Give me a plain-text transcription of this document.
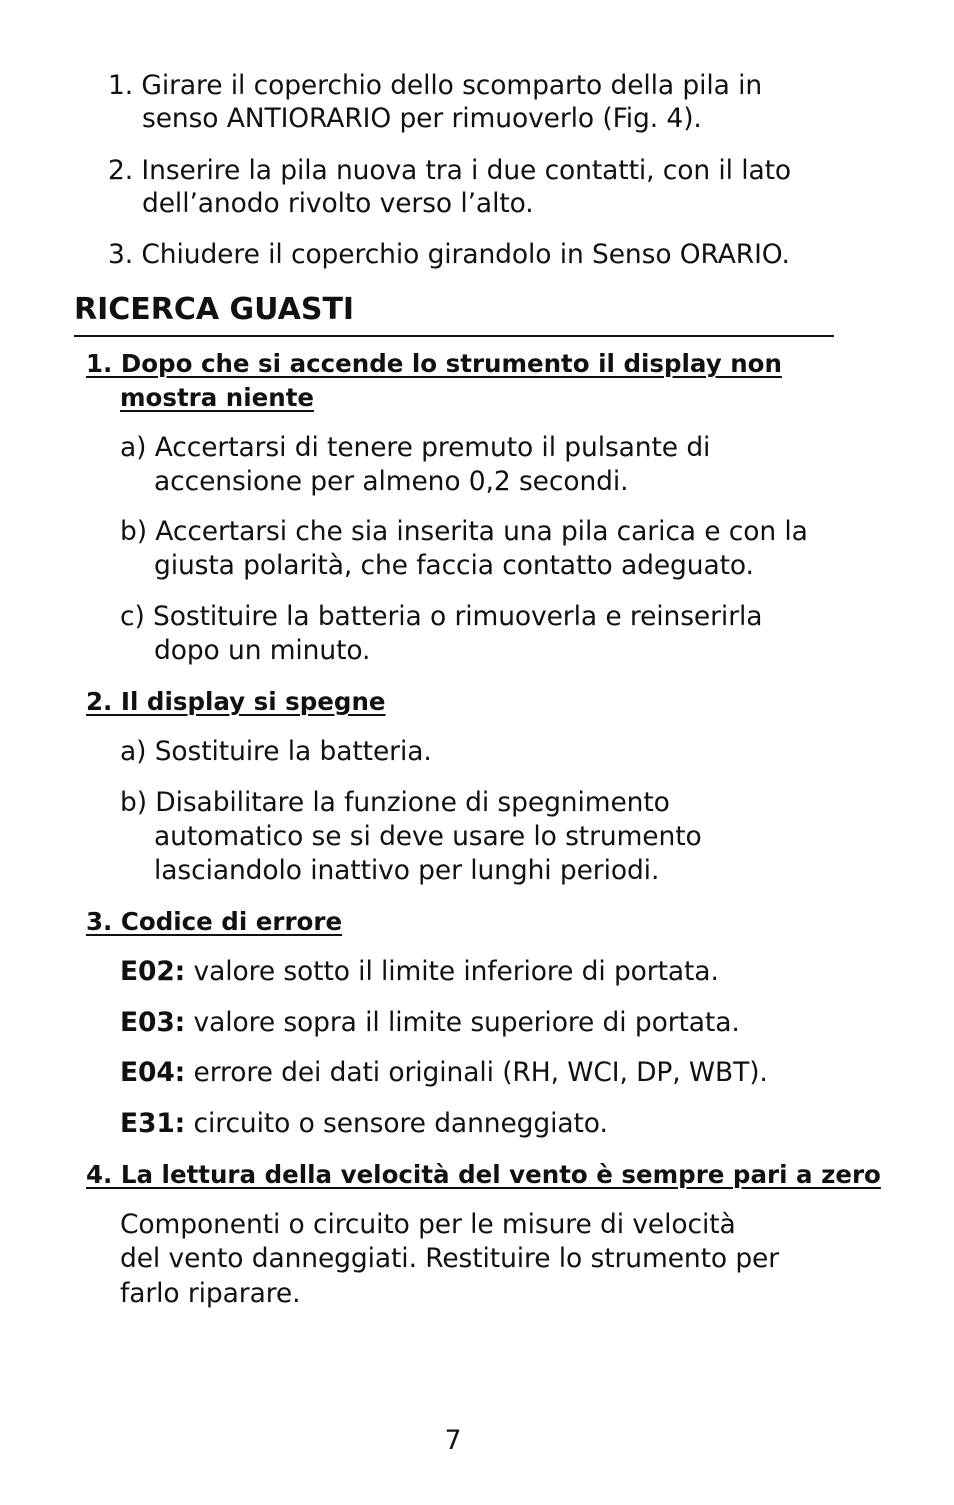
1. Girare il coperchio dello scomparto della pila in
senso ANTIORARIO per rimuoverlo (Fig. 4).
2. Inserire la pila nuova tra i due contatti, con il lato
dell’anodo rivolto verso l’alto.
3. Chiudere il coperchio girandolo in Senso ORARIO.
RICERCA GUASTI
1. Dopo che si accende lo strumento il display non
mostra niente
a) Accertarsi di tenere premuto il pulsante di
accensione per almeno 0,2 secondi.
b) Accertarsi che sia inserita una pila carica e con la
giusta polarità, che faccia contatto adeguato.
c) Sostituire la batteria o rimuoverla e reinserirla
dopo un minuto.
2. Il display si spegne
a) Sostituire la batteria.
b) Disabilitare la funzione di spegnimento
automatico se si deve usare lo strumento
lasciandolo inattivo per lunghi periodi.
3. Codice di errore
E02: valore sotto il limite inferiore di portata.
E03: valore sopra il limite superiore di portata.
E04: errore dei dati originali (RH, WCI, DP, WBT).
E31: circuito o sensore danneggiato.
4. La lettura della velocità del vento è sempre pari a zero
Componenti o circuito per le misure di velocità
del vento danneggiati. Restituire lo strumento per
farlo riparare.
7
